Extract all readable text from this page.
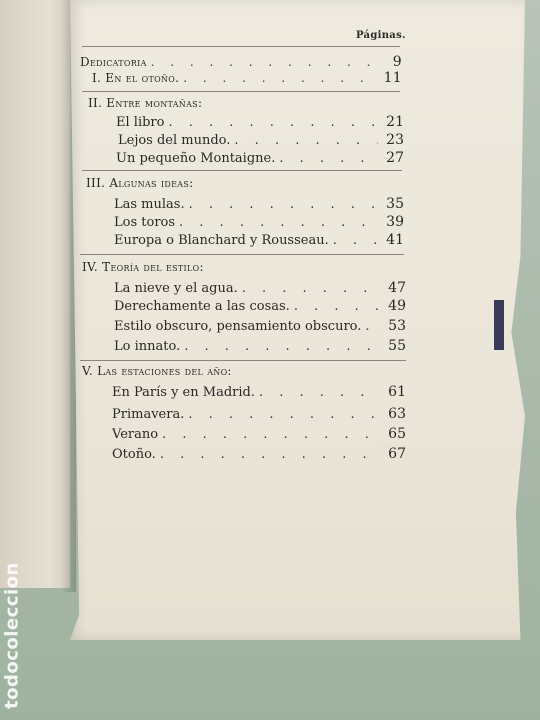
Páginas.
Dedicatoria . . .	9
I. En el otoño. . . .	11
II. Entre montañas:
El libro . . .	21
Lejos del mundo. . . .	23
Un pequeño Montaigne. . . .	27
III. Algunas ideas:
Las mulas. . . .	35
Los toros . . .	39
Europa o Blanchard y Rousseau. . . .	41
IV. Teoría del estilo:
La nieve y el agua. . . .	47
Derechamente a las cosas. . . .	49
Estilo obscuro, pensamiento obscuro. . . . 53
Lo innato. . . .	55
V. Las estaciones del año:
En París y en Madrid. . . .	61
Primavera. . . .	63
Verano . . .	65
Otoño. . . .	67
todocoleccion
